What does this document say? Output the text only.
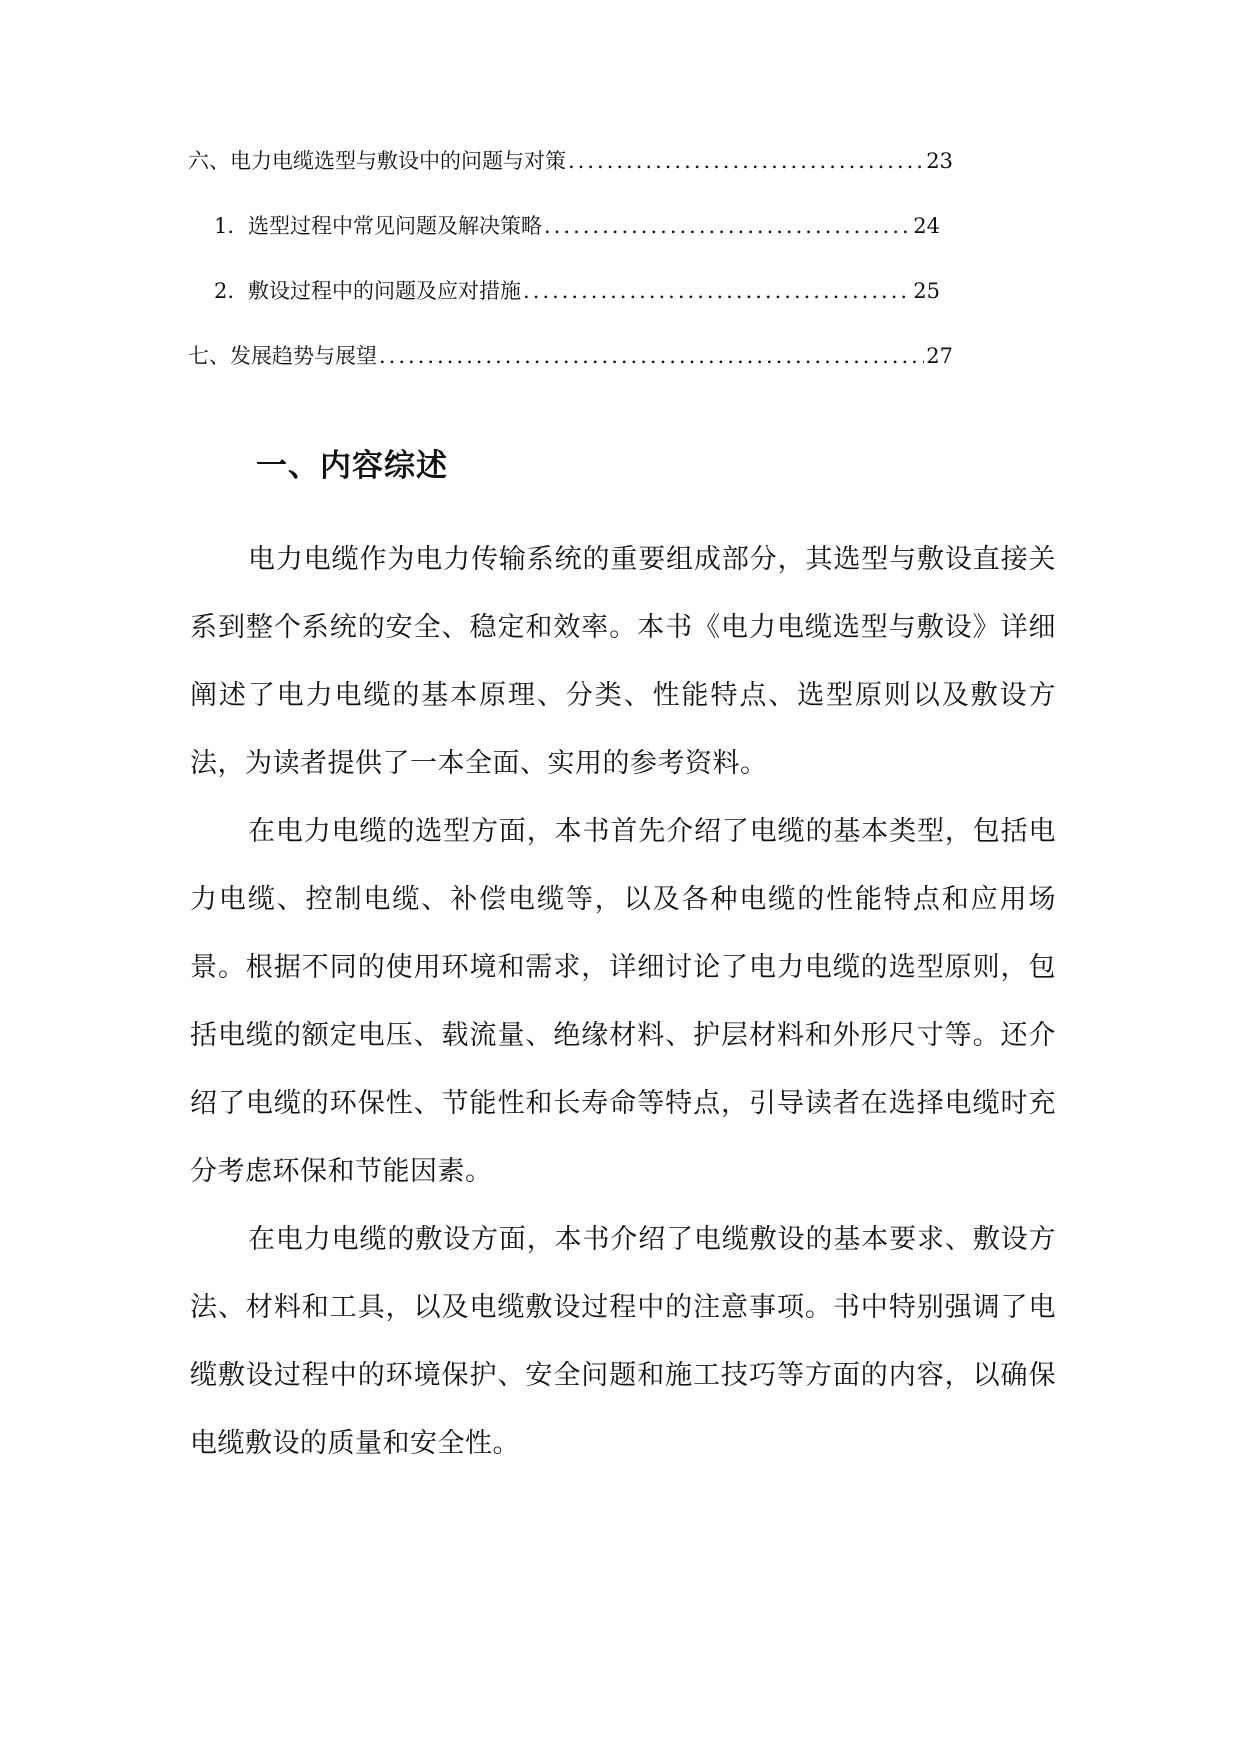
六、电力电缆选型与敷设中的问题与对策 .....	23
1. 选型过程中常见问题及解决策略 .....	24
2. 敷设过程中的问题及应对措施 .....	25
七、发展趋势与展望 .....	27
一、内容综述

电力电缆作为电力传输系统的重要组成部分，其选型与敷设直接关系到整个系统的安全、稳定和效率。本书《电力电缆选型与敷设》详细阐述了电力电缆的基本原理、分类、性能特点、选型原则以及敷设方法，为读者提供了一本全面、实用的参考资料。

在电力电缆的选型方面，本书首先介绍了电缆的基本类型，包括电力电缆、控制电缆、补偿电缆等，以及各种电缆的性能特点和应用场景。根据不同的使用环境和需求，详细讨论了电力电缆的选型原则，包括电缆的额定电压、载流量、绝缘材料、护层材料和外形尺寸等。还介绍了电缆的环保性、节能性和长寿命等特点，引导读者在选择电缆时充分考虑环保和节能因素。

在电力电缆的敷设方面，本书介绍了电缆敷设的基本要求、敷设方法、材料和工具，以及电缆敷设过程中的注意事项。书中特别强调了电缆敷设过程中的环境保护、安全问题和施工技巧等方面的内容，以确保电缆敷设的质量和安全性。
